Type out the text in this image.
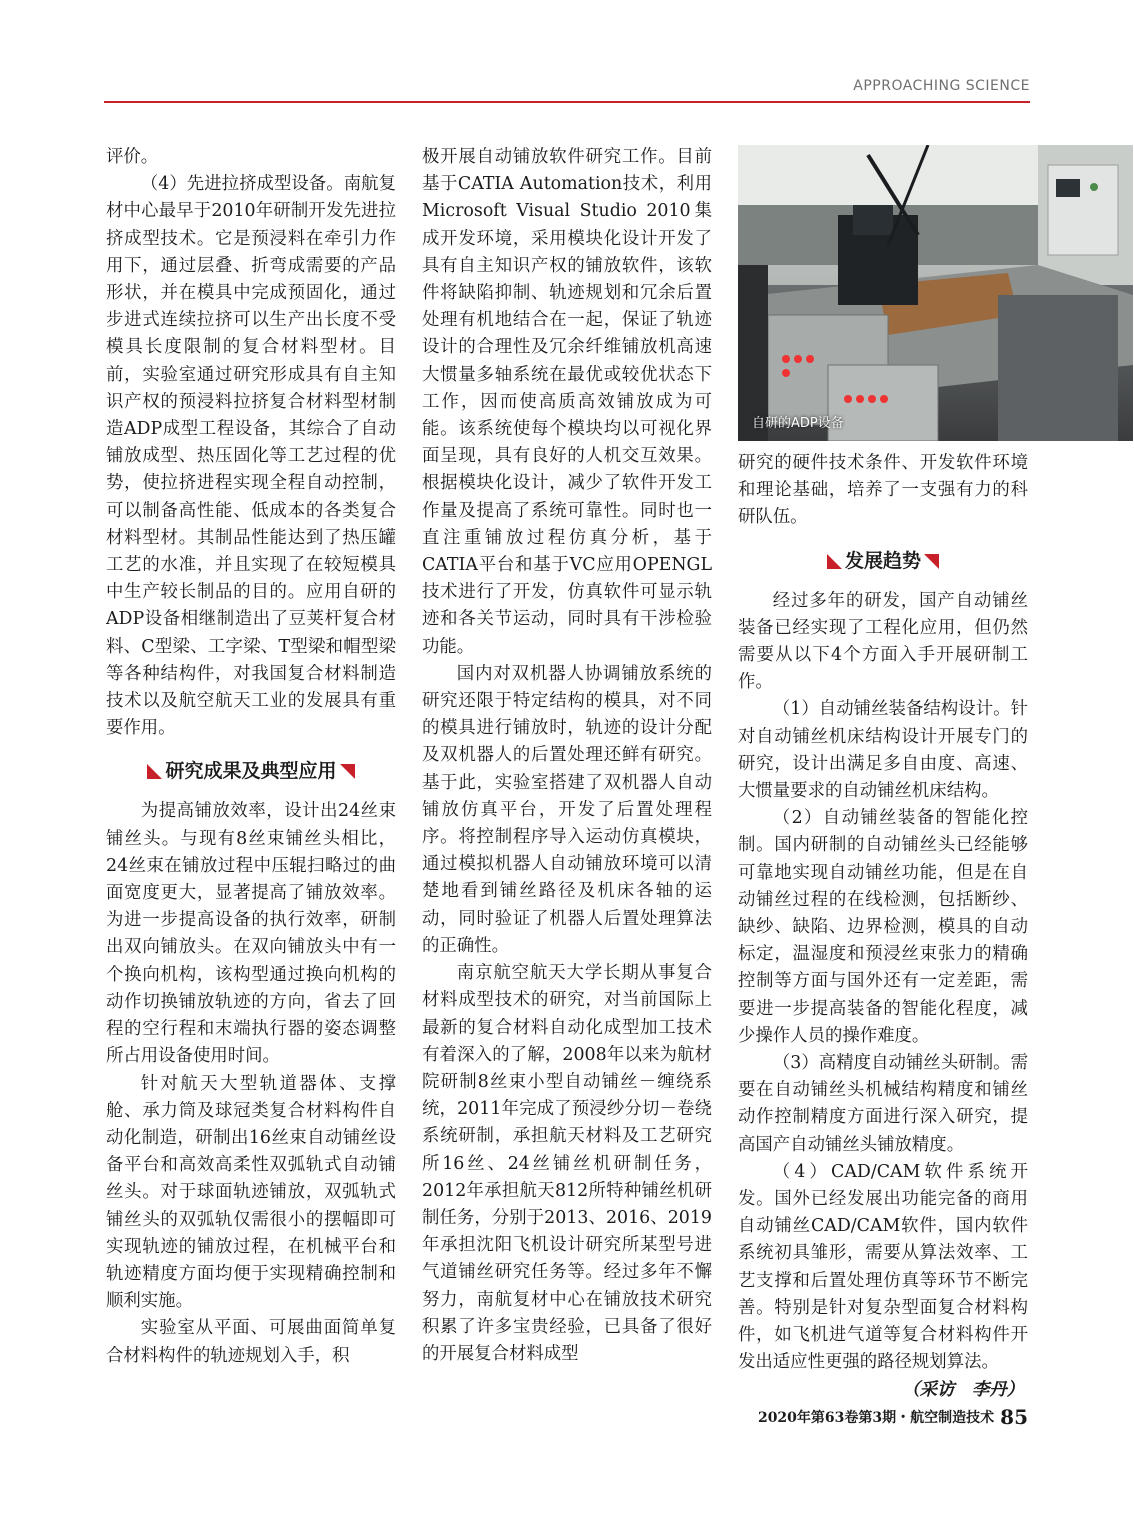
APPROACHING SCIENCE

评价。

（4）先进拉挤成型设备。南航复材中心最早于2010年研制开发先进拉挤成型技术。它是预浸料在牵引力作用下，通过层叠、折弯成需要的产品形状，并在模具中完成预固化，通过步进式连续拉挤可以生产出长度不受模具长度限制的复合材料型材。目前，实验室通过研究形成具有自主知识产权的预浸料拉挤复合材料型材制造ADP成型工程设备，其综合了自动铺放成型、热压固化等工艺过程的优势，使拉挤进程实现全程自动控制，可以制备高性能、低成本的各类复合材料型材。其制品性能达到了热压罐工艺的水准，并且实现了在较短模具中生产较长制品的目的。应用自研的ADP设备相继制造出了豆荚杆复合材料、C型梁、工字梁、T型梁和帽型梁等各种结构件，对我国复合材料制造技术以及航空航天工业的发展具有重要作用。

研究成果及典型应用

为提高铺放效率，设计出24丝束铺丝头。与现有8丝束铺丝头相比，24丝束在铺放过程中压辊扫略过的曲面宽度更大，显著提高了铺放效率。为进一步提高设备的执行效率，研制出双向铺放头。在双向铺放头中有一个换向机构，该构型通过换向机构的动作切换铺放轨迹的方向，省去了回程的空行程和末端执行器的姿态调整所占用设备使用时间。

针对航天大型轨道器体、支撑舱、承力筒及球冠类复合材料构件自动化制造，研制出16丝束自动铺丝设备平台和高效高柔性双弧轨式自动铺丝头。对于球面轨迹铺放，双弧轨式铺丝头的双弧轨仅需很小的摆幅即可实现轨迹的铺放过程，在机械平台和轨迹精度方面均便于实现精确控制和顺利实施。

实验室从平面、可展曲面简单复合材料构件的轨迹规划入手，积

极开展自动铺放软件研究工作。目前基于CATIA Automation技术，利用Microsoft Visual Studio 2010集成开发环境，采用模块化设计开发了具有自主知识产权的铺放软件，该软件将缺陷抑制、轨迹规划和冗余后置处理有机地结合在一起，保证了轨迹设计的合理性及冗余纤维铺放机高速大惯量多轴系统在最优或较优状态下工作，因而使高质高效铺放成为可能。该系统使每个模块均以可视化界面呈现，具有良好的人机交互效果。根据模块化设计，减少了软件开发工作量及提高了系统可靠性。同时也一直注重铺放过程仿真分析，基于CATIA平台和基于VC应用OPENGL技术进行了开发，仿真软件可显示轨迹和各关节运动，同时具有干涉检验功能。

国内对双机器人协调铺放系统的研究还限于特定结构的模具，对不同的模具进行铺放时，轨迹的设计分配及双机器人的后置处理还鲜有研究。基于此，实验室搭建了双机器人自动铺放仿真平台，开发了后置处理程序。将控制程序导入运动仿真模块，通过模拟机器人自动铺放环境可以清楚地看到铺丝路径及机床各轴的运动，同时验证了机器人后置处理算法的正确性。

南京航空航天大学长期从事复合材料成型技术的研究，对当前国际上最新的复合材料自动化成型加工技术有着深入的了解，2008年以来为航材院研制8丝束小型自动铺丝－缠绕系统，2011年完成了预浸纱分切－卷绕系统研制，承担航天材料及工艺研究所16丝、24丝铺丝机研制任务，2012年承担航天812所特种铺丝机研制任务，分别于2013、2016、2019年承担沈阳飞机设计研究所某型号进气道铺丝研究任务等。经过多年不懈努力，南航复材中心在铺放技术研究积累了许多宝贵经验，已具备了很好的开展复合材料成型

自研的ADP设备

研究的硬件技术条件、开发软件环境和理论基础，培养了一支强有力的科研队伍。

发展趋势

经过多年的研发，国产自动铺丝装备已经实现了工程化应用，但仍然需要从以下4个方面入手开展研制工作。

（1）自动铺丝装备结构设计。针对自动铺丝机床结构设计开展专门的研究，设计出满足多自由度、高速、大惯量要求的自动铺丝机床结构。

（2）自动铺丝装备的智能化控制。国内研制的自动铺丝头已经能够可靠地实现自动铺丝功能，但是在自动铺丝过程的在线检测，包括断纱、缺纱、缺陷、边界检测，模具的自动标定，温湿度和预浸丝束张力的精确控制等方面与国外还有一定差距，需要进一步提高装备的智能化程度，减少操作人员的操作难度。

（3）高精度自动铺丝头研制。需要在自动铺丝头机械结构精度和铺丝动作控制精度方面进行深入研究，提高国产自动铺丝头铺放精度。

（4）CAD/CAM软件系统开发。国外已经发展出功能完备的商用自动铺丝CAD/CAM软件，国内软件系统初具雏形，需要从算法效率、工艺支撑和后置处理仿真等环节不断完善。特别是针对复杂型面复合材料构件，如飞机进气道等复合材料构件开发出适应性更强的路径规划算法。

（采访　李丹）

2020年第63卷第3期・航空制造技术 85
